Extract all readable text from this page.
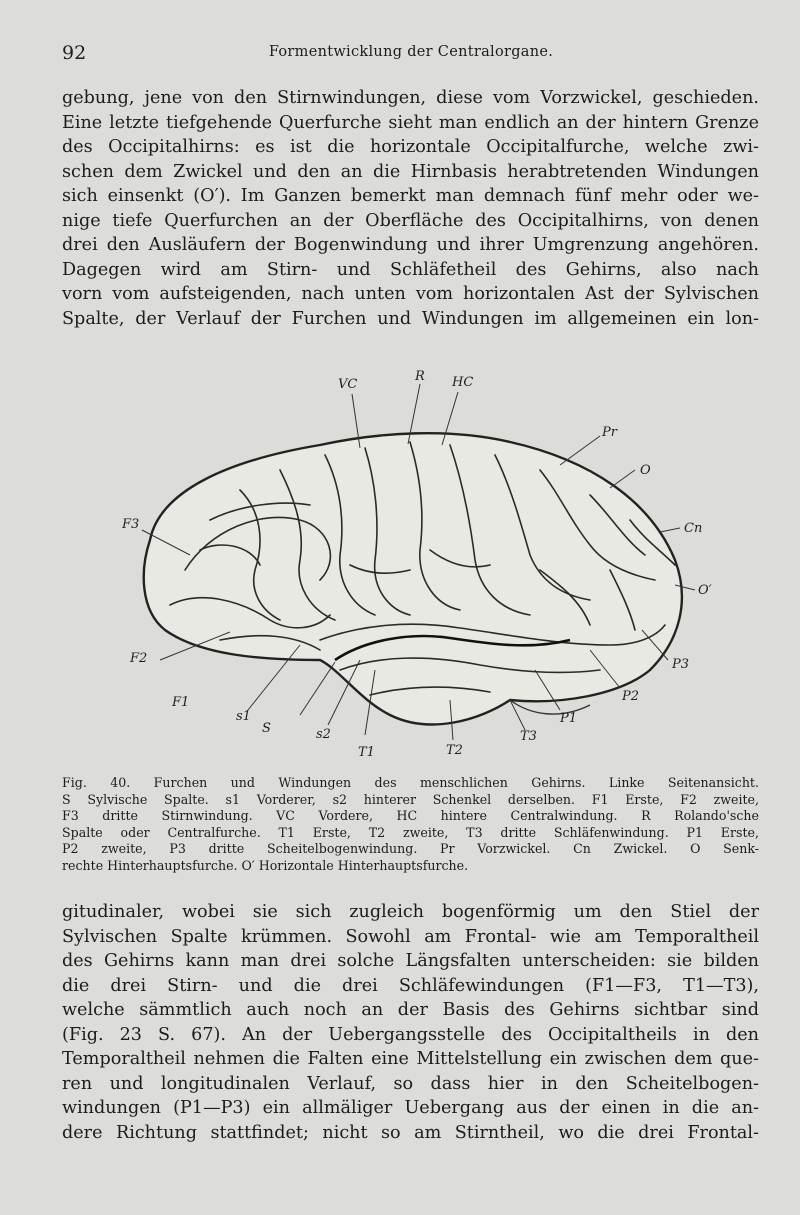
92	Formentwicklung der Centralorgane.
gebung, jene von den Stirnwindungen, diese vom Vorzwickel, geschieden.
Eine letzte tiefgehende Querfurche sieht man endlich an der hintern Grenze
des Occipitalhirns: es ist die horizontale Occipitalfurche, welche zwi-
schen dem Zwickel und den an die Hirnbasis herabtretenden Windungen
sich einsenkt (O′). Im Ganzen bemerkt man demnach fünf mehr oder we-
nige tiefe Querfurchen an der Oberfläche des Occipitalhirns, von denen
drei den Ausläufern der Bogenwindung und ihrer Umgrenzung angehören.
Dagegen wird am Stirn- und Schläfetheil des Gehirns, also nach
vorn vom aufsteigenden, nach unten vom horizontalen Ast der Sylvischen
Spalte, der Verlauf der Furchen und Windungen im allgemeinen ein lon-
VC
R HC
Pr
O
Cn
O′
P3
P2
P1
T3
T2
T1
s2
S
s1
F1
F2
F3
Fig. 40. Furchen und Windungen des menschlichen Gehirns. Linke Seitenansicht.
S Sylvische Spalte. s1 Vorderer, s2 hinterer Schenkel derselben. F1 Erste, F2 zweite,
F3 dritte Stirnwindung. VC Vordere, HC hintere Centralwindung. R Rolando'sche
Spalte oder Centralfurche. T1 Erste, T2 zweite, T3 dritte Schläfenwindung. P1 Erste,
P2 zweite, P3 dritte Scheitelbogenwindung. Pr Vorzwickel. Cn Zwickel. O Senk-
rechte Hinterhauptsfurche. O′ Horizontale Hinterhauptsfurche.
gitudinaler, wobei sie sich zugleich bogenförmig um den Stiel der
Sylvischen Spalte krümmen. Sowohl am Frontal- wie am Temporaltheil
des Gehirns kann man drei solche Längsfalten unterscheiden: sie bilden
die drei Stirn- und die drei Schläfewindungen (F1—F3, T1—T3),
welche sämmtlich auch noch an der Basis des Gehirns sichtbar sind
(Fig. 23 S. 67). An der Uebergangsstelle des Occipitaltheils in den
Temporaltheil nehmen die Falten eine Mittelstellung ein zwischen dem que-
ren und longitudinalen Verlauf, so dass hier in den Scheitelbogen-
windungen (P1—P3) ein allmäliger Uebergang aus der einen in die an-
dere Richtung stattfindet; nicht so am Stirntheil, wo die drei Frontal-
